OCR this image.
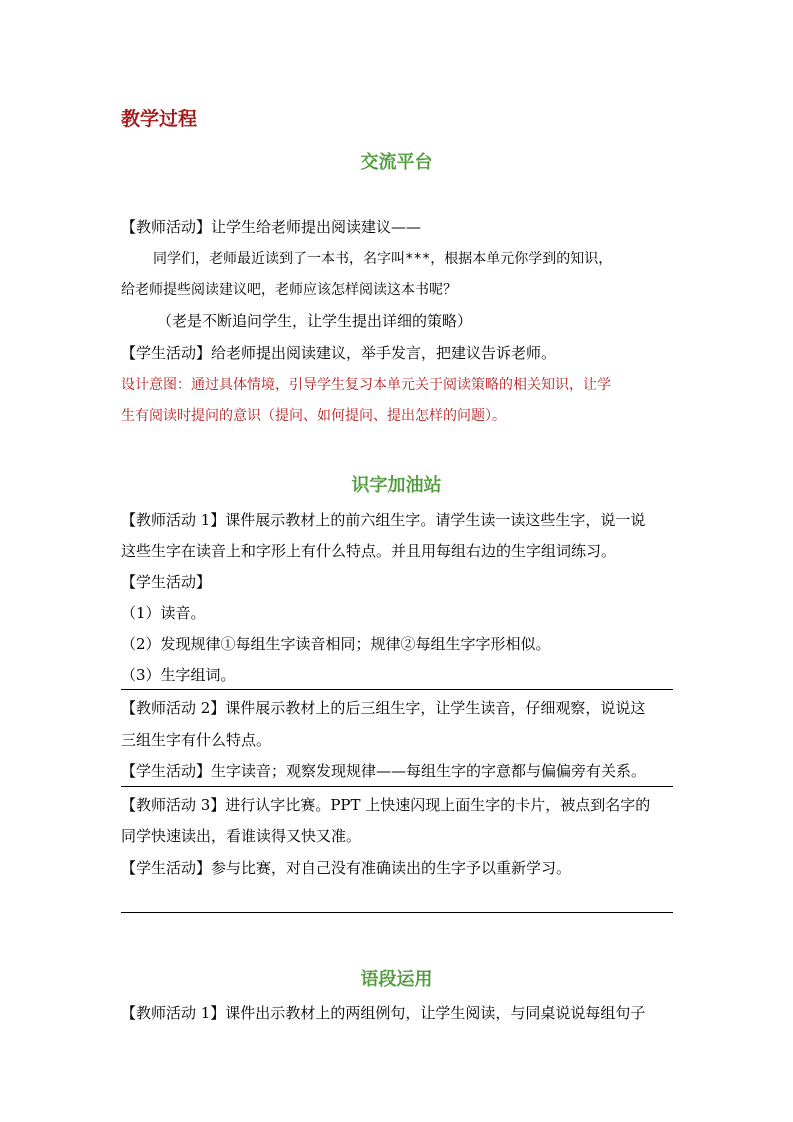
教学过程
交流平台
【教师活动】让学生给老师提出阅读建议——
同学们，老师最近读到了一本书，名字叫***，根据本单元你学到的知识，
给老师提些阅读建议吧，老师应该怎样阅读这本书呢？
（老是不断追问学生，让学生提出详细的策略）
【学生活动】给老师提出阅读建议，举手发言，把建议告诉老师。
设计意图：通过具体情境，引导学生复习本单元关于阅读策略的相关知识，让学
生有阅读时提问的意识（提问、如何提问、提出怎样的问题）。
识字加油站
【教师活动 1】课件展示教材上的前六组生字。请学生读一读这些生字，说一说
这些生字在读音上和字形上有什么特点。并且用每组右边的生字组词练习。
【学生活动】
（1）读音。
（2）发现规律①每组生字读音相同；规律②每组生字字形相似。
（3）生字组词。
【教师活动 2】课件展示教材上的后三组生字，让学生读音，仔细观察，说说这
三组生字有什么特点。
【学生活动】生字读音；观察发现规律——每组生字的字意都与偏偏旁有关系。
【教师活动 3】进行认字比赛。PPT 上快速闪现上面生字的卡片，被点到名字的
同学快速读出，看谁读得又快又准。
【学生活动】参与比赛，对自己没有准确读出的生字予以重新学习。
语段运用
【教师活动 1】课件出示教材上的两组例句，让学生阅读，与同桌说说每组句子
